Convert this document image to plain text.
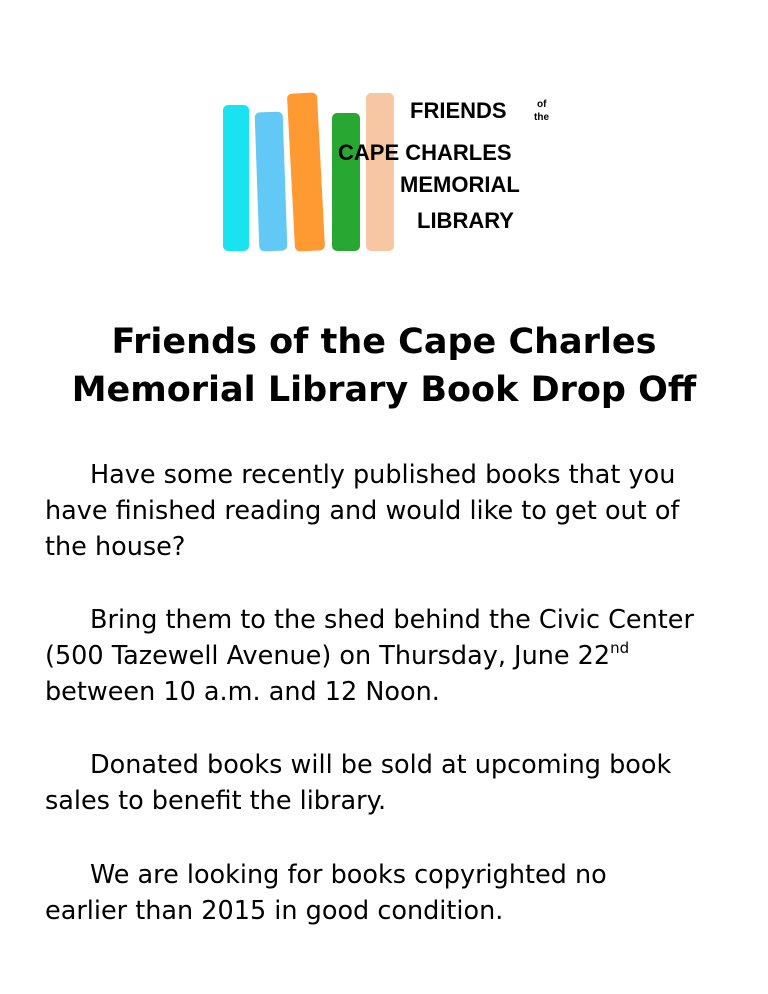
FRIENDS	of
the
CAPE CHARLES
MEMORIAL
LIBRARY
Friends of the Cape Charles
Memorial Library Book Drop Off

Have some recently published books that you
have finished reading and would like to get out of
the house?

Bring them to the shed behind the Civic Center
(500 Tazewell Avenue) on Thursday, June 22nd
between 10 a.m. and 12 Noon.

Donated books will be sold at upcoming book
sales to benefit the library.

We are looking for books copyrighted no
earlier than 2015 in good condition.
